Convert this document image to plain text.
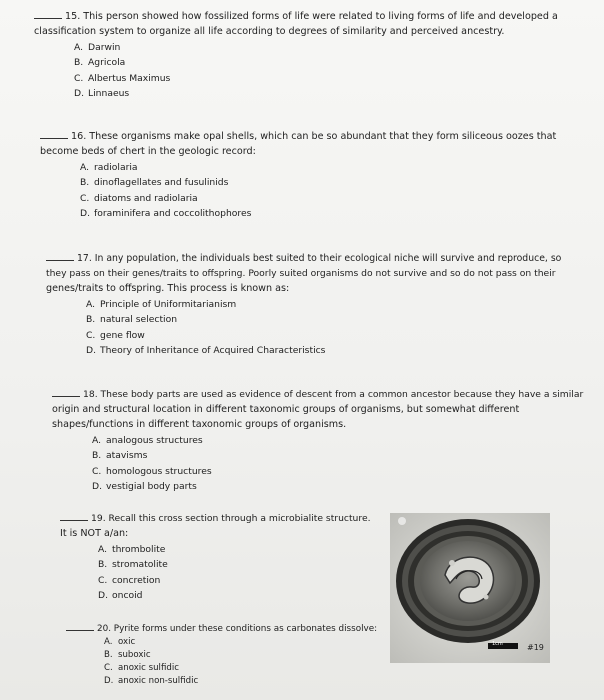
15. This person showed how fossilized forms of life were related to living forms of life and developed a
classification system to organize all life according to degrees of similarity and perceived ancestry.
A. Darwin
B. Agricola
C. Albertus Maximus
D. Linnaeus
16. These organisms make opal shells, which can be so abundant that they form siliceous oozes that
become beds of chert in the geologic record:
A. radiolaria
B. dinoflagellates and fusulinids
C. diatoms and radiolaria
D. foraminifera and coccolithophores
17. In any population, the individuals best suited to their ecological niche will survive and reproduce, so
they pass on their genes/traits to offspring. Poorly suited organisms do not survive and so do not pass on their
genes/traits to offspring. This process is known as:
A. Principle of Uniformitarianism
B. natural selection
C. gene flow
D. Theory of Inheritance of Acquired Characteristics
18. These body parts are used as evidence of descent from a common ancestor because they have a similar
origin and structural location in different taxonomic groups of organisms, but somewhat different
shapes/functions in different taxonomic groups of organisms.
A. analogous structures
B. atavisms
C. homologous structures
D. vestigial body parts
19. Recall this cross section through a microbialite structure.
It is NOT a/an:
A. thrombolite
B. stromatolite
C. concretion
D. oncoid
20. Pyrite forms under these conditions as carbonates dissolve:
A. oxic
B. suboxic
C. anoxic sulfidic
D. anoxic non-sulfidic
1cm	#19
